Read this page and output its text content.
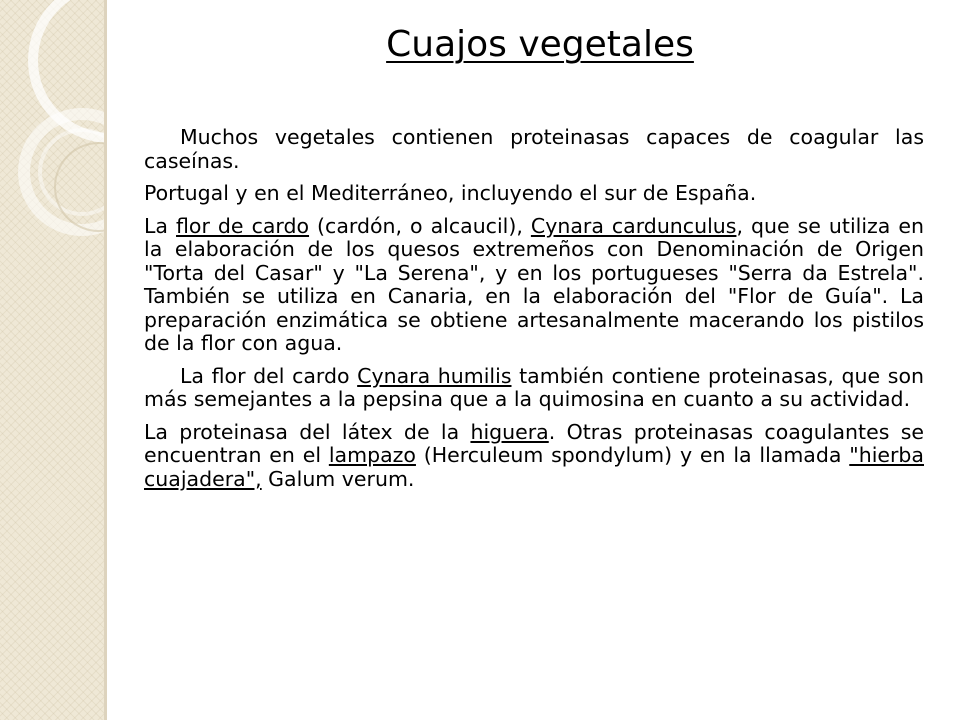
Cuajos vegetales

Muchos vegetales contienen proteinasas capaces de coagular las caseínas.

Portugal y en el Mediterráneo, incluyendo el sur de España.

La flor de cardo (cardón, o alcaucil), Cynara cardunculus, que se utiliza en la elaboración de los quesos extremeños con Denominación de Origen "Torta del Casar" y "La Serena", y en los portugueses "Serra da Estrela". También se utiliza en Canaria, en la elaboración del "Flor de Guía". La preparación enzimática se obtiene artesanalmente macerando los pistilos de la flor con agua.

La flor del cardo Cynara humilis también contiene proteinasas, que son más semejantes a la pepsina que a la quimosina en cuanto a su actividad.

La proteinasa del látex de la higuera. Otras proteinasas coagulantes se encuentran en el lampazo (Herculeum spondylum) y en la llamada "hierba cuajadera", Galum verum.
